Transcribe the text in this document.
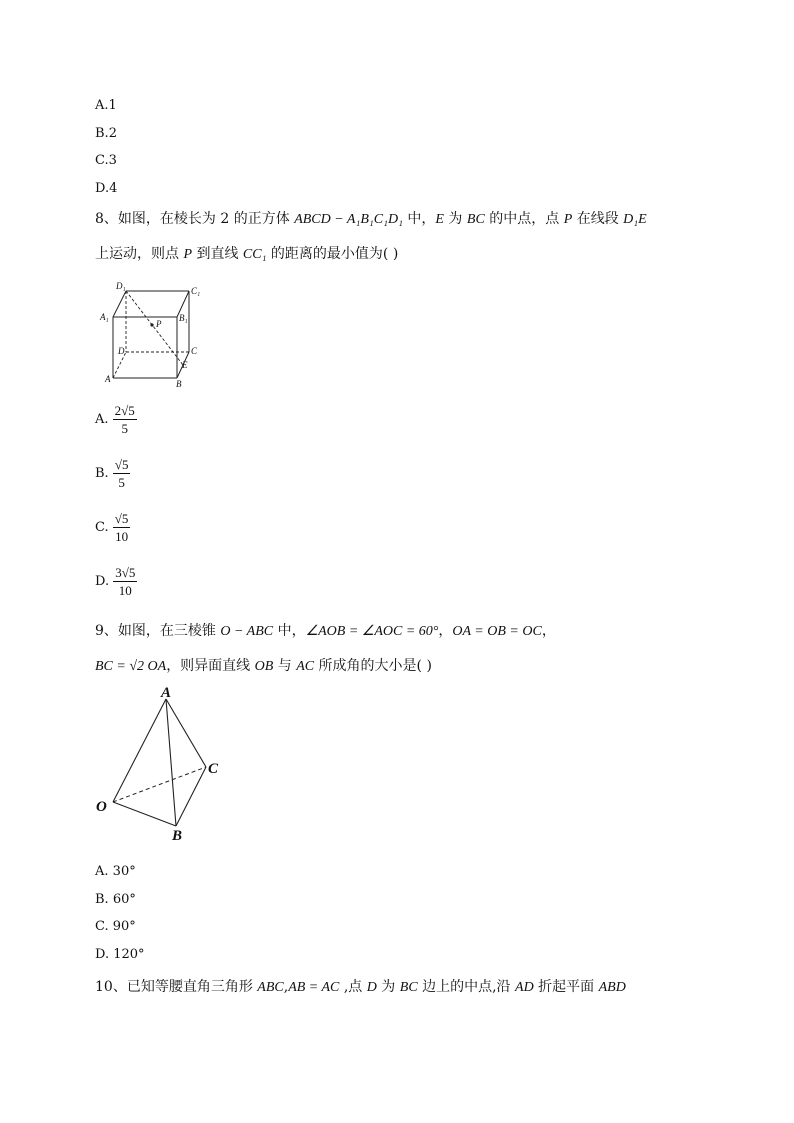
A.1
B.2
C.3
D.4
8、如图，在棱长为 2 的正方体 ABCD − A₁B₁C₁D₁ 中，E 为 BC 的中点，点 P 在线段 D₁E
上运动，则点 P 到直线 CC₁ 的距离的最小值为( )
D₁	C₁
A₁	B₁
P
D	C
E
A	B
A. $\frac{2√5}{5}$
B. $\frac{√5}{5}$
C. $\frac{√5}{10}$
D. $\frac{3√5}{10}$
9、如图，在三棱锥 O − ABC 中，∠AOB = ∠AOC = 60°，OA = OB = OC，
BC = √2 OA，则异面直线 OB 与 AC 所成角的大小是( )
A
O
C
B
A. 30°
B. 60°
C. 90°
D. 120°
10、已知等腰直角三角形 ABC,AB = AC ,点 D 为 BC 边上的中点,沿 AD 折起平面 ABD
